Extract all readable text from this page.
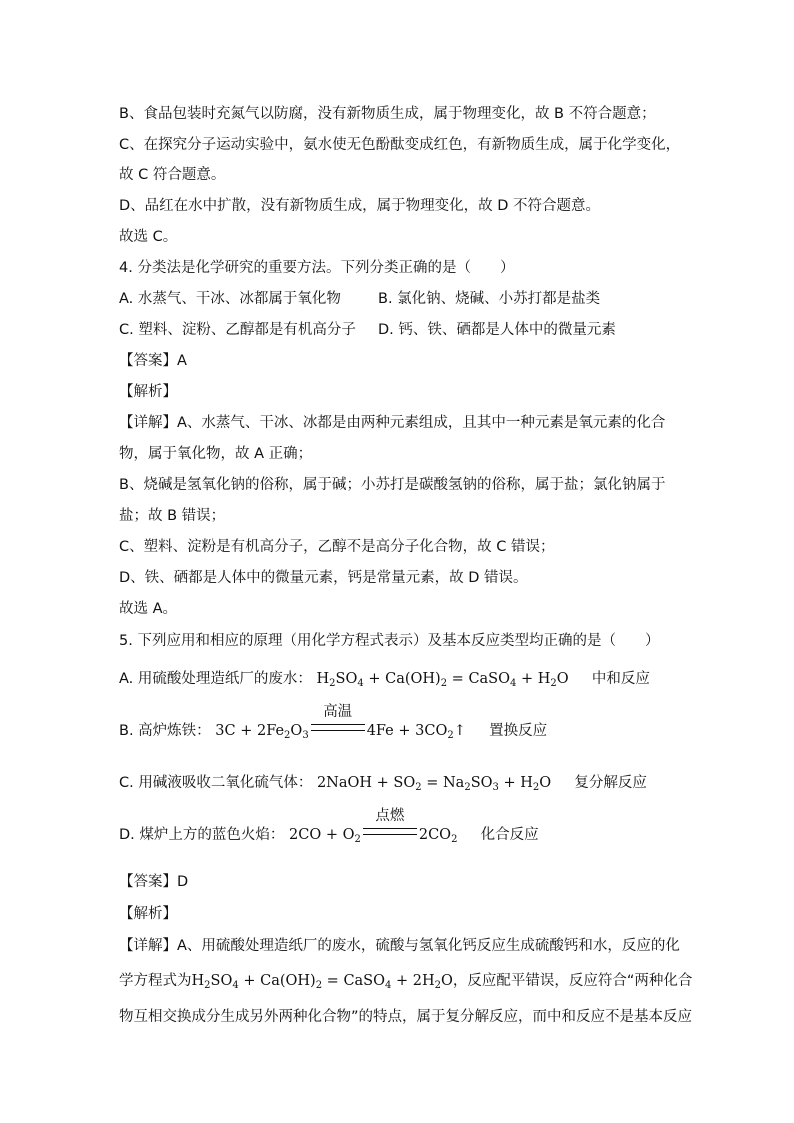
B、食品包装时充氮气以防腐，没有新物质生成，属于物理变化，故 B 不符合题意；
C、在探究分子运动实验中，氨水使无色酚酞变成红色，有新物质生成，属于化学变化，
故 C 符合题意。
D、品红在水中扩散，没有新物质生成，属于物理变化，故 D 不符合题意。
故选 C。
4. 分类法是化学研究的重要方法。下列分类正确的是（　　）
A. 水蒸气、干冰、冰都属于氧化物	B. 氯化钠、烧碱、小苏打都是盐类
C. 塑料、淀粉、乙醇都是有机高分子 D. 钙、铁、硒都是人体中的微量元素
【答案】A
【解析】
【详解】A、水蒸气、干冰、冰都是由两种元素组成，且其中一种元素是氧元素的化合
物，属于氧化物，故 A 正确；
B、烧碱是氢氧化钠的俗称，属于碱；小苏打是碳酸氢钠的俗称，属于盐；氯化钠属于
盐；故 B 错误；
C、塑料、淀粉是有机高分子，乙醇不是高分子化合物，故 C 错误；
D、铁、硒都是人体中的微量元素，钙是常量元素，故 D 错误。
故选 A。
5. 下列应用和相应的原理（用化学方程式表示）及基本反应类型均正确的是（　　）
A. 用硫酸处理造纸厂的废水： $H_2SO_4 + Ca(OH)_2$ = CaSO$_4$ + $H_2O$ 中和反应
B. 高炉炼铁： $3C + 2Fe_2O_3$
高温
$4Fe + 3CO_2↑$ 置换反应
C. 用碱液吸收二氧化硫气体： 2NaOH + $SO_2 = Na_2SO_3 + H_2O$ 复分解反应
D. 煤炉上方的蓝色火焰： $2CO + O_2$
点燃
$2CO_2$ 化合反应
【答案】D
【解析】
【详解】A、用硫酸处理造纸厂的废水，硫酸与氢氧化钙反应生成硫酸钙和水，反应的化
学方程式为$H_2SO_4 + Ca(OH)_2$ = CaSO$_4$ + $2H_2O$，反应配平错误，反应符合“两种化合
物互相交换成分生成另外两种化合物”的特点，属于复分解反应，而中和反应不是基本反应
